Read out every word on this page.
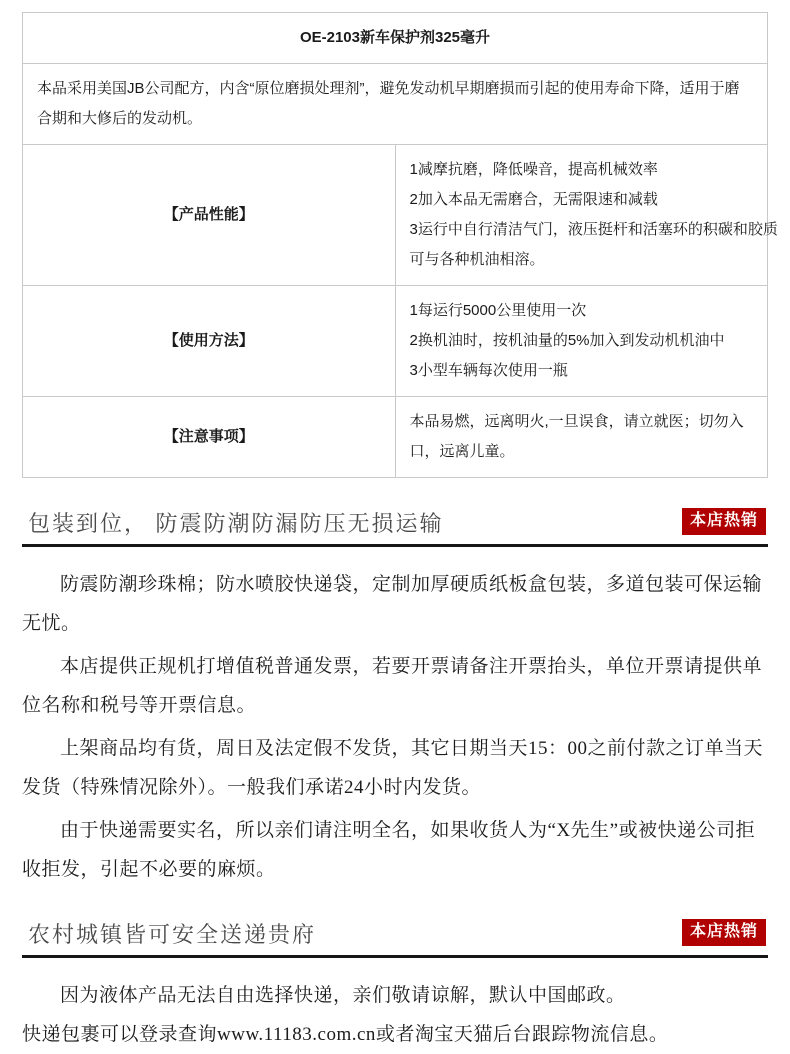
OE-2103新车保护剂325毫升	
本品采用美国JB公司配方，内含“原位磨损处理剂”，避免发动机早期磨损而引起的使用寿命下降，适用于磨合期和大修后的发动机。	
【产品性能】	1减摩抗磨，降低噪音，提高机械效率
2加入本品无需磨合，无需限速和减载
3运行中自行清洁气门，液压挺杆和活塞环的积碳和胶质
可与各种机油相溶。

【使用方法】	1每运行5000公里使用一次
2换机油时，按机油量的5%加入到发动机机油中
3小型车辆每次使用一瓶

【注意事项】	本品易燃，远离明火,一旦误食，请立就医；切勿入口，远离儿童。
包装到位， 防震防潮防漏防压无损运输	本店热销

防震防潮珍珠棉；防水喷胶快递袋，定制加厚硬质纸板盒包装，多道包装可保运输无忧。

本店提供正规机打增值税普通发票，若要开票请备注开票抬头，单位开票请提供单位名称和税号等开票信息。

上架商品均有货，周日及法定假不发货，其它日期当天15：00之前付款之订单当天发货（特殊情况除外）。一般我们承诺24小时内发货。

由于快递需要实名，所以亲们请注明全名，如果收货人为“X先生”或被快递公司拒收拒发，引起不必要的麻烦。

农村城镇皆可安全送递贵府	本店热销

因为液体产品无法自由选择快递，亲们敬请谅解，默认中国邮政。

快递包裹可以登录查询www.11183.com.cn或者淘宝天猫后台跟踪物流信息。
